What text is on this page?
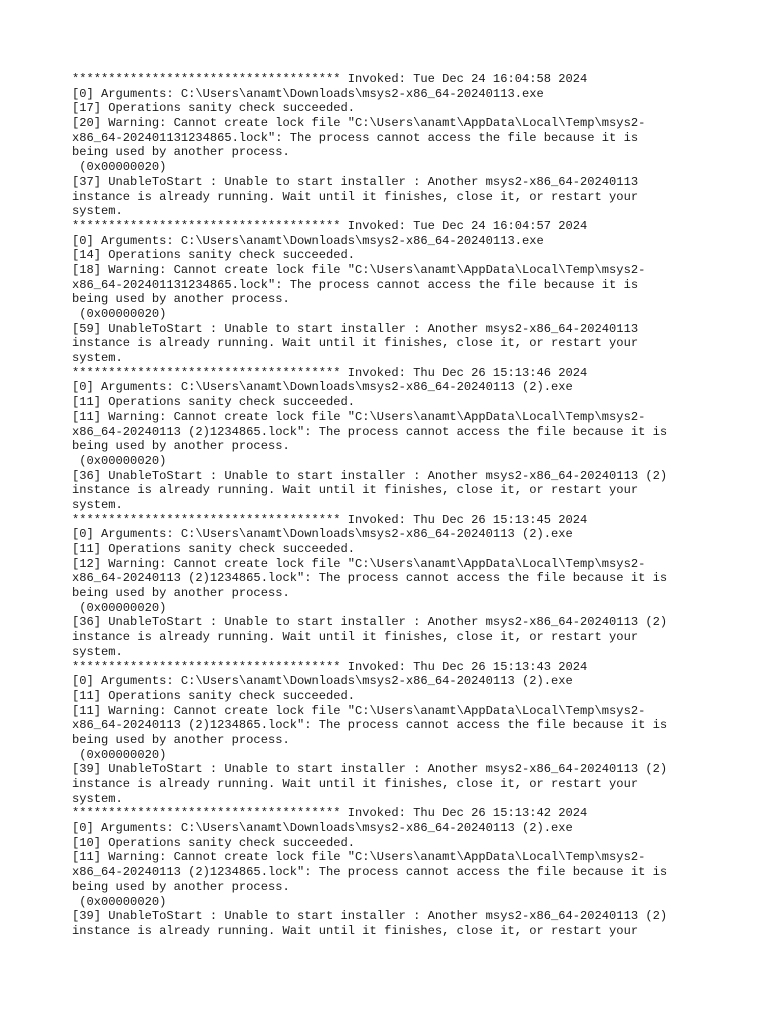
************************************* Invoked: Tue Dec 24 16:04:58 2024
[0] Arguments: C:\Users\anamt\Downloads\msys2-x86_64-20240113.exe
[17] Operations sanity check succeeded.
[20] Warning: Cannot create lock file "C:\Users\anamt\AppData\Local\Temp\msys2-
x86_64-202401131234865.lock": The process cannot access the file because it is
being used by another process.
(0x00000020)
[37] UnableToStart : Unable to start installer : Another msys2-x86_64-20240113
instance is already running. Wait until it finishes, close it, or restart your
system.
************************************* Invoked: Tue Dec 24 16:04:57 2024
[0] Arguments: C:\Users\anamt\Downloads\msys2-x86_64-20240113.exe
[14] Operations sanity check succeeded.
[18] Warning: Cannot create lock file "C:\Users\anamt\AppData\Local\Temp\msys2-
x86_64-202401131234865.lock": The process cannot access the file because it is
being used by another process.
(0x00000020)
[59] UnableToStart : Unable to start installer : Another msys2-x86_64-20240113
instance is already running. Wait until it finishes, close it, or restart your
system.
************************************* Invoked: Thu Dec 26 15:13:46 2024
[0] Arguments: C:\Users\anamt\Downloads\msys2-x86_64-20240113 (2).exe
[11] Operations sanity check succeeded.
[11] Warning: Cannot create lock file "C:\Users\anamt\AppData\Local\Temp\msys2-
x86_64-20240113 (2)1234865.lock": The process cannot access the file because it is
being used by another process.
(0x00000020)
[36] UnableToStart : Unable to start installer : Another msys2-x86_64-20240113 (2)
instance is already running. Wait until it finishes, close it, or restart your
system.
************************************* Invoked: Thu Dec 26 15:13:45 2024
[0] Arguments: C:\Users\anamt\Downloads\msys2-x86_64-20240113 (2).exe
[11] Operations sanity check succeeded.
[12] Warning: Cannot create lock file "C:\Users\anamt\AppData\Local\Temp\msys2-
x86_64-20240113 (2)1234865.lock": The process cannot access the file because it is
being used by another process.
(0x00000020)
[36] UnableToStart : Unable to start installer : Another msys2-x86_64-20240113 (2)
instance is already running. Wait until it finishes, close it, or restart your
system.
************************************* Invoked: Thu Dec 26 15:13:43 2024
[0] Arguments: C:\Users\anamt\Downloads\msys2-x86_64-20240113 (2).exe
[11] Operations sanity check succeeded.
[11] Warning: Cannot create lock file "C:\Users\anamt\AppData\Local\Temp\msys2-
x86_64-20240113 (2)1234865.lock": The process cannot access the file because it is
being used by another process.
(0x00000020)
[39] UnableToStart : Unable to start installer : Another msys2-x86_64-20240113 (2)
instance is already running. Wait until it finishes, close it, or restart your
system.
************************************* Invoked: Thu Dec 26 15:13:42 2024
[0] Arguments: C:\Users\anamt\Downloads\msys2-x86_64-20240113 (2).exe
[10] Operations sanity check succeeded.
[11] Warning: Cannot create lock file "C:\Users\anamt\AppData\Local\Temp\msys2-
x86_64-20240113 (2)1234865.lock": The process cannot access the file because it is
being used by another process.
(0x00000020)
[39] UnableToStart : Unable to start installer : Another msys2-x86_64-20240113 (2)
instance is already running. Wait until it finishes, close it, or restart your
